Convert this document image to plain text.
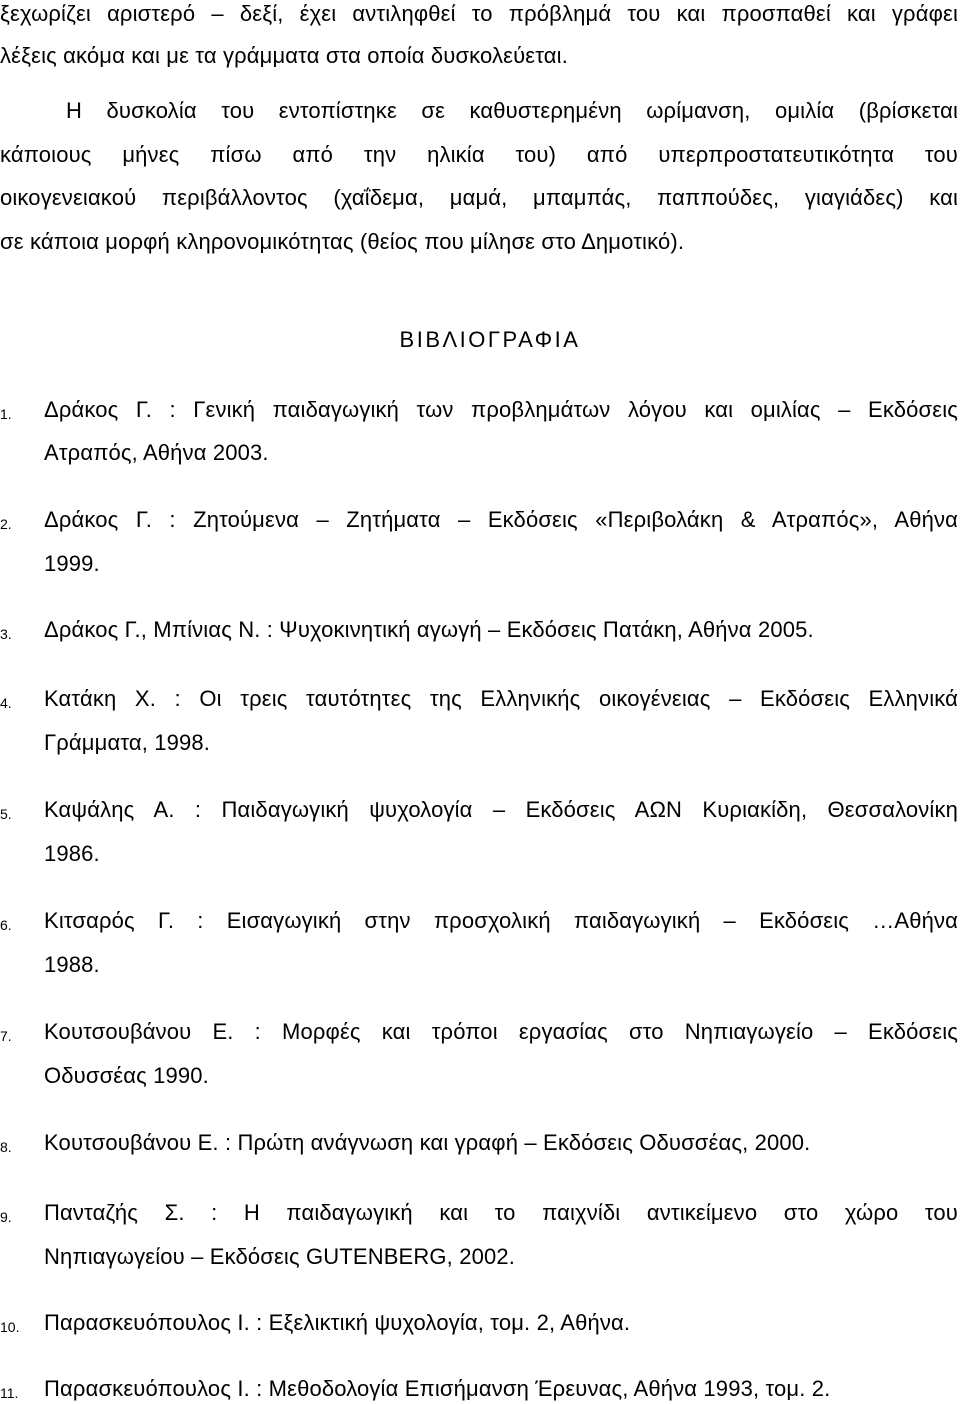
ξεχωρίζει αριστερό – δεξί, έχει αντιληφθεί το πρόβλημά του και προσπαθεί και γράφει
λέξεις ακόμα και με τα γράμματα στα οποία δυσκολεύεται.
Η δυσκολία του εντοπίστηκε σε καθυστερημένη ωρίμανση, ομιλία (βρίσκεται
κάποιους μήνες πίσω από την ηλικία του) από υπερπροστατευτικότητα του
οικογενειακού περιβάλλοντος (χαΐδεμα, μαμά, μπαμπάς, παππούδες, γιαγιάδες) και
σε κάποια μορφή κληρονομικότητας (θείος που μίλησε στο Δημοτικό).
ΒΙΒΛΙΟΓΡΑΦΙΑ
1. Δράκος Γ. : Γενική παιδαγωγική των προβλημάτων λόγου και ομιλίας – Εκδόσεις
Ατραπός, Αθήνα 2003.
2. Δράκος Γ. : Ζητούμενα – Ζητήματα – Εκδόσεις «Περιβολάκη & Ατραπός», Αθήνα
1999.
3. Δράκος Γ., Μπίνιας Ν. : Ψυχοκινητική αγωγή – Εκδόσεις Πατάκη, Αθήνα 2005.
4. Κατάκη Χ. : Οι τρεις ταυτότητες της Ελληνικής οικογένειας – Εκδόσεις Ελληνικά
Γράμματα, 1998.
5. Καψάλης Α. : Παιδαγωγική ψυχολογία – Εκδόσεις ΑΩΝ Κυριακίδη, Θεσσαλονίκη
1986.
6. Κιτσαρός Γ. : Εισαγωγική στην προσχολική παιδαγωγική – Εκδόσεις …Αθήνα
1988.
7. Κουτσουβάνου Ε. : Μορφές και τρόποι εργασίας στο Νηπιαγωγείο – Εκδόσεις
Οδυσσέας 1990.
8. Κουτσουβάνου Ε. : Πρώτη ανάγνωση και γραφή – Εκδόσεις Οδυσσέας, 2000.
9. Πανταζής Σ. : Η παιδαγωγική και το παιχνίδι αντικείμενο στο χώρο του
Νηπιαγωγείου – Εκδόσεις GUTENBERG, 2002.
10. Παρασκευόπουλος Ι. : Εξελικτική ψυχολογία, τομ. 2, Αθήνα.
11. Παρασκευόπουλος Ι. : Μεθοδολογία Επισήμανση Έρευνας, Αθήνα 1993, τομ. 2.
